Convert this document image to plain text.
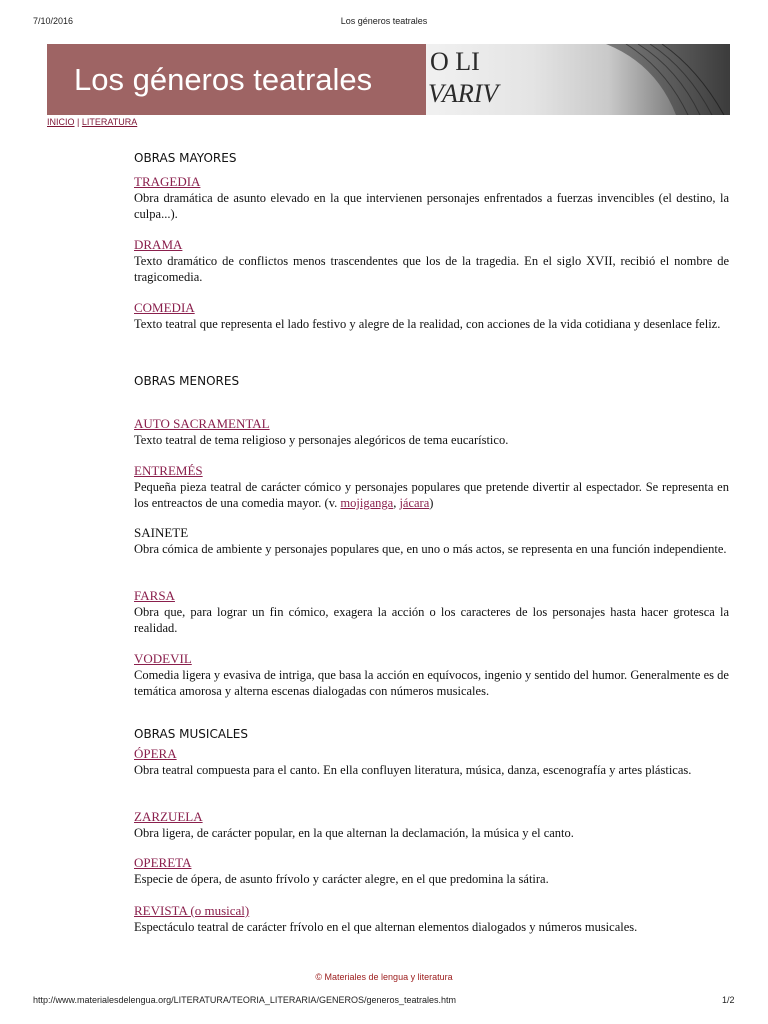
7/10/2016	Los géneros teatrales
Los géneros teatrales
O LI
VARIV
INICIO | LITERATURA
OBRAS MAYORES
TRAGEDIA
Obra dramática de asunto elevado en la que intervienen personajes enfrentados a fuerzas invencibles (el destino, la culpa...).
DRAMA
Texto dramático de conflictos menos trascendentes que los de la tragedia. En el siglo XVII, recibió el nombre de tragicomedia.
COMEDIA
Texto teatral que representa el lado festivo y alegre de la realidad, con acciones de la vida cotidiana y desenlace feliz.
OBRAS MENORES
AUTO SACRAMENTAL
Texto teatral de tema religioso y personajes alegóricos de tema eucarístico.
ENTREMÉS
Pequeña pieza teatral de carácter cómico y personajes populares que pretende divertir al espectador. Se representa en los entreactos de una comedia mayor. (v. mojiganga, jácara)
SAINETE
Obra cómica de ambiente y personajes populares que, en uno o más actos, se representa en una función independiente.
FARSA
Obra que, para lograr un fin cómico, exagera la acción o los caracteres de los personajes hasta hacer grotesca la realidad.
VODEVIL
Comedia ligera y evasiva de intriga, que basa la acción en equívocos, ingenio y sentido del humor. Generalmente es de temática amorosa y alterna escenas dialogadas con números musicales.
OBRAS MUSICALES
ÓPERA
Obra teatral compuesta para el canto. En ella confluyen literatura, música, danza, escenografía y artes plásticas.
ZARZUELA
Obra ligera, de carácter popular, en la que alternan la declamación, la música y el canto.
OPERETA
Especie de ópera, de asunto frívolo y carácter alegre, en el que predomina la sátira.
REVISTA (o musical)
Espectáculo teatral de carácter frívolo en el que alternan elementos dialogados y números musicales.
© Materiales de lengua y literatura
http://www.materialesdelengua.org/LITERATURA/TEORIA_LITERARIA/GENEROS/generos_teatrales.htm	1/2
